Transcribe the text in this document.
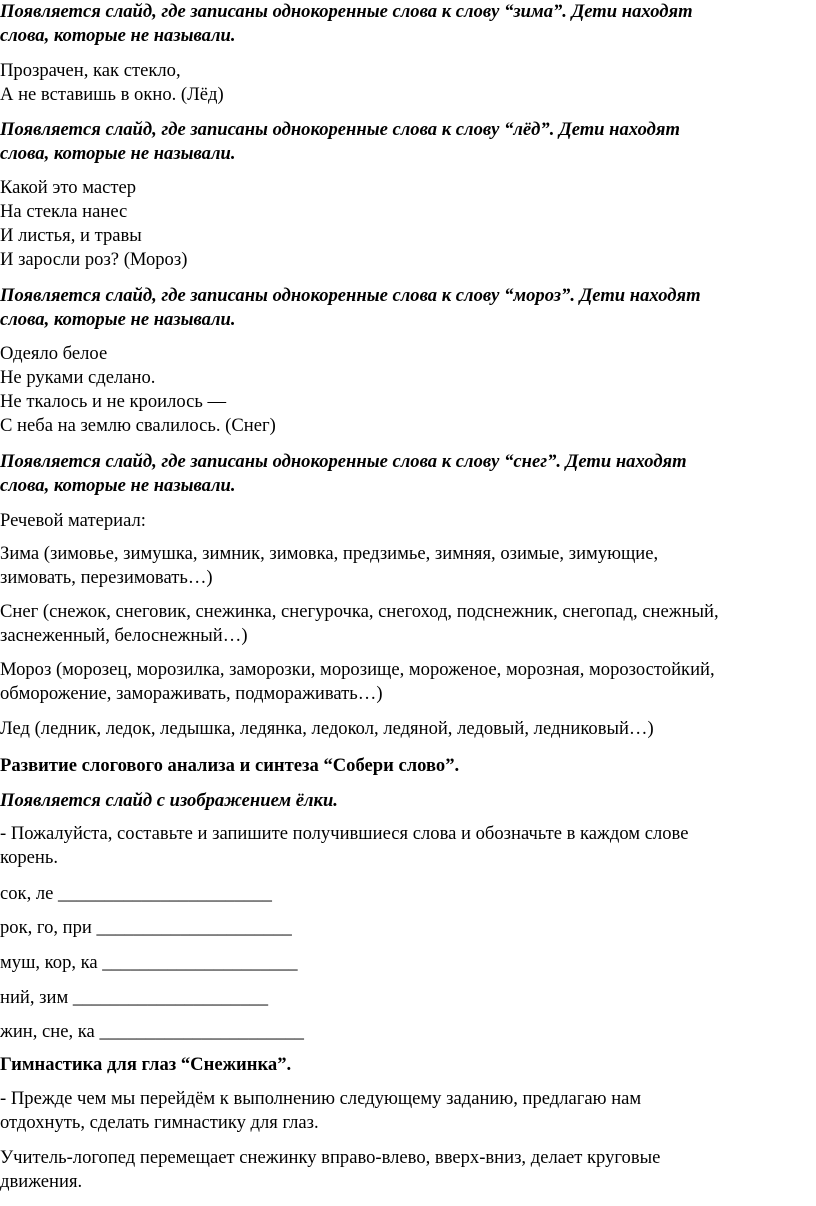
Появляется слайд, где записаны однокоренные слова к слову “зима”. Дети находят
слова, которые не называли.
Прозрачен, как стекло,
А не вставишь в окно. (Лёд)
Появляется слайд, где записаны однокоренные слова к слову “лёд”. Дети находят
слова, которые не называли.
Какой это мастер
На стекла нанес
И листья, и травы
И заросли роз? (Мороз)
Появляется слайд, где записаны однокоренные слова к слову “мороз”. Дети находят
слова, которые не называли.
Одеяло белое
Не руками сделано.
Не ткалось и не кроилось —
С неба на землю свалилось. (Снег)
Появляется слайд, где записаны однокоренные слова к слову “снег”. Дети находят
слова, которые не называли.
Речевой материал:
Зима (зимовье, зимушка, зимник, зимовка, предзимье, зимняя, озимые, зимующие,
зимовать, перезимовать…)
Снег (снежок, снеговик, снежинка, снегурочка, снегоход, подснежник, снегопад, снежный,
заснеженный, белоснежный…)
Мороз (морозец, морозилка, заморозки, морозище, мороженое, морозная, морозостойкий,
обморожение, замораживать, подмораживать…)
Лед (ледник, ледок, ледышка, ледянка, ледокол, ледяной, ледовый, ледниковый…)
Развитие слогового анализа и синтеза “Собери слово”.
Появляется слайд с изображением ёлки.
- Пожалуйста, составьте и запишите получившиеся слова и обозначьте в каждом слове
корень.
сок, ле _______________________
рок, го, при _____________________
муш, кор, ка _____________________
ний, зим _____________________
жин, сне, ка ______________________
Гимнастика для глаз “Снежинка”.
- Прежде чем мы перейдём к выполнению следующему заданию, предлагаю нам
отдохнуть, сделать гимнастику для глаз.
Учитель-логопед перемещает снежинку вправо-влево, вверх-вниз, делает круговые
движения.
